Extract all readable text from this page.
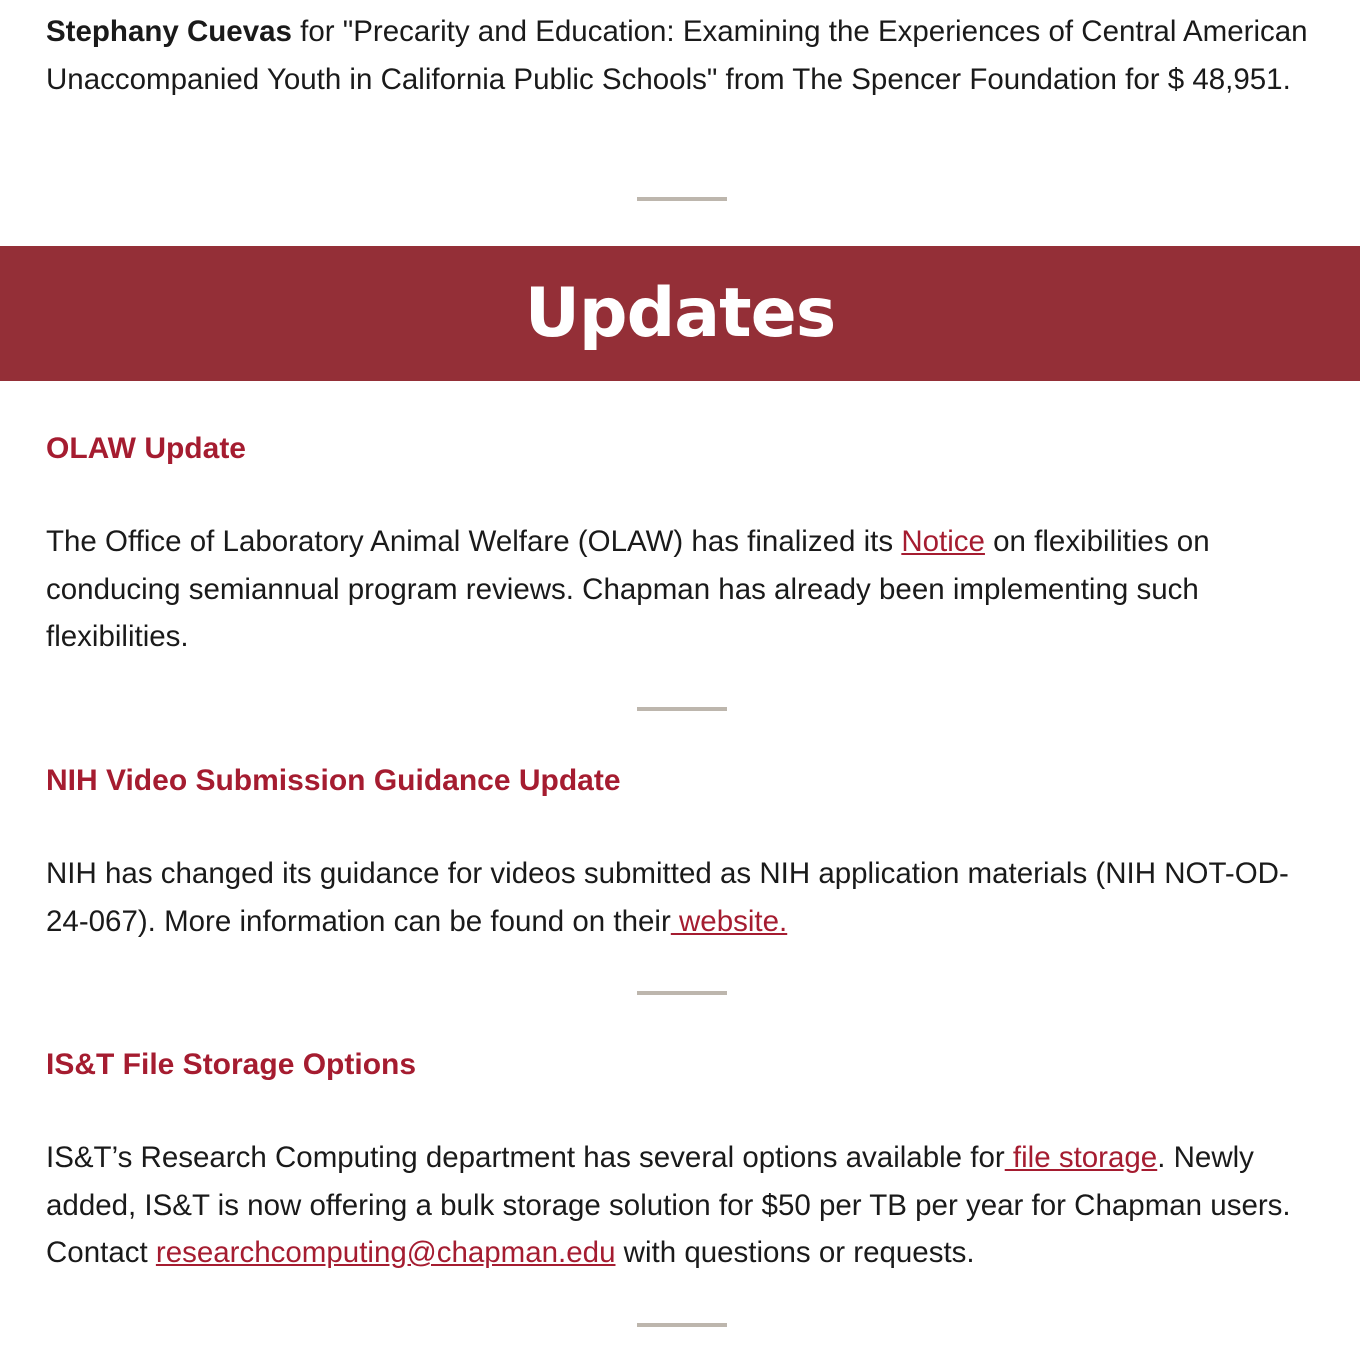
Stephany Cuevas for "Precarity and Education: Examining the Experiences of Central American Unaccompanied Youth in California Public Schools" from The Spencer Foundation for $ 48,951.

Updates
OLAW Update

The Office of Laboratory Animal Welfare (OLAW) has finalized its Notice on flexibilities on conducing semiannual program reviews. Chapman has already been implementing such flexibilities.

NIH Video Submission Guidance Update

NIH has changed its guidance for videos submitted as NIH application materials (NIH NOT-OD-24-067). More information can be found on their website.

IS&T File Storage Options

IS&T’s Research Computing department has several options available for file storage. Newly added, IS&T is now offering a bulk storage solution for $50 per TB per year for Chapman users. Contact researchcomputing@chapman.edu with questions or requests.
